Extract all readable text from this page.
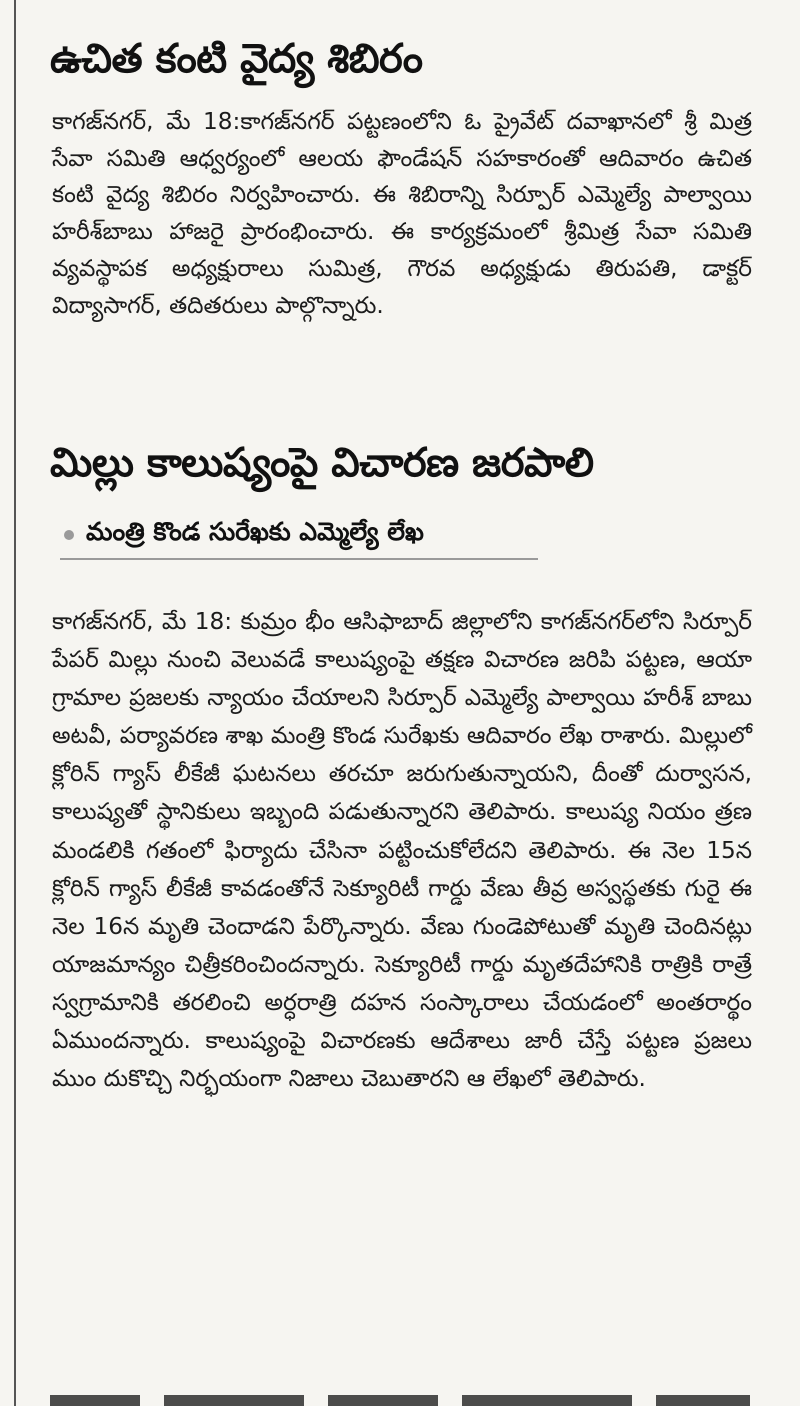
ఉచిత కంటి వైద్య శిబిరం
కాగజ్‌నగర్, మే 18:కాగజ్‌నగర్ పట్టణంలోని ఓ ప్రైవేట్ దవాఖానలో శ్రీ మిత్ర సేవా సమితి ఆధ్వర్యంలో ఆలయ ఫౌండేషన్ సహకారంతో ఆదివారం ఉచిత కంటి వైద్య శిబిరం నిర్వహించారు. ఈ శిబిరాన్ని సిర్పూర్ ఎమ్మెల్యే పాల్వాయి హరీశ్‌బాబు హాజరై ప్రారంభించారు. ఈ కార్యక్రమంలో శ్రీమిత్ర సేవా సమితి వ్యవస్థాపక అధ్యక్షురాలు సుమిత్ర, గౌరవ అధ్యక్షుడు తిరుపతి, డాక్టర్ విద్యాసాగర్, తదితరులు పాల్గొన్నారు.
మిల్లు కాలుష్యంపై విచారణ జరపాలి
మంత్రి కొండ సురేఖకు ఎమ్మెల్యే లేఖ
కాగజ్‌నగర్, మే 18: కుమ్రం భీం ఆసిఫాబాద్ జిల్లాలోని కాగజ్‌నగర్‌లోని సిర్పూర్ పేపర్ మిల్లు నుంచి వెలువడే కాలుష్యంపై తక్షణ విచారణ జరిపి పట్టణ, ఆయా గ్రామాల ప్రజలకు న్యాయం చేయాలని సిర్పూర్ ఎమ్మెల్యే పాల్వాయి హరీశ్ బాబు అటవీ, పర్యావరణ శాఖ మంత్రి కొండ సురేఖకు ఆదివారం లేఖ రాశారు. మిల్లులో క్లోరిన్ గ్యాస్ లీకేజీ ఘటనలు తరచూ జరుగుతున్నాయని, దీంతో దుర్వాసన, కాలుష్యతో స్థానికులు ఇబ్బంది పడుతున్నారని తెలిపారు. కాలుష్య నియం త్రణ మండలికి గతంలో ఫిర్యాదు చేసినా పట్టించుకోలేదని తెలిపారు. ఈ నెల 15న క్లోరిన్ గ్యాస్ లీకేజీ కావడంతోనే సెక్యూరిటీ గార్డు వేణు తీవ్ర అస్వస్థతకు గురై ఈ నెల 16న మృతి చెందాడని పేర్కొన్నారు. వేణు గుండెపోటుతో మృతి చెందినట్లు యాజమాన్యం చిత్రీకరించిందన్నారు. సెక్యూరిటీ గార్డు మృతదేహానికి రాత్రికి రాత్రే స్వగ్రామానికి తరలించి అర్ధరాత్రి దహన సంస్కారాలు చేయడంలో అంతరార్థం ఏముందన్నారు. కాలుష్యంపై విచారణకు ఆదేశాలు జారీ చేస్తే పట్టణ ప్రజలు ముం దుకొచ్చి నిర్భయంగా నిజాలు చెబుతారని ఆ లేఖలో తెలిపారు.
